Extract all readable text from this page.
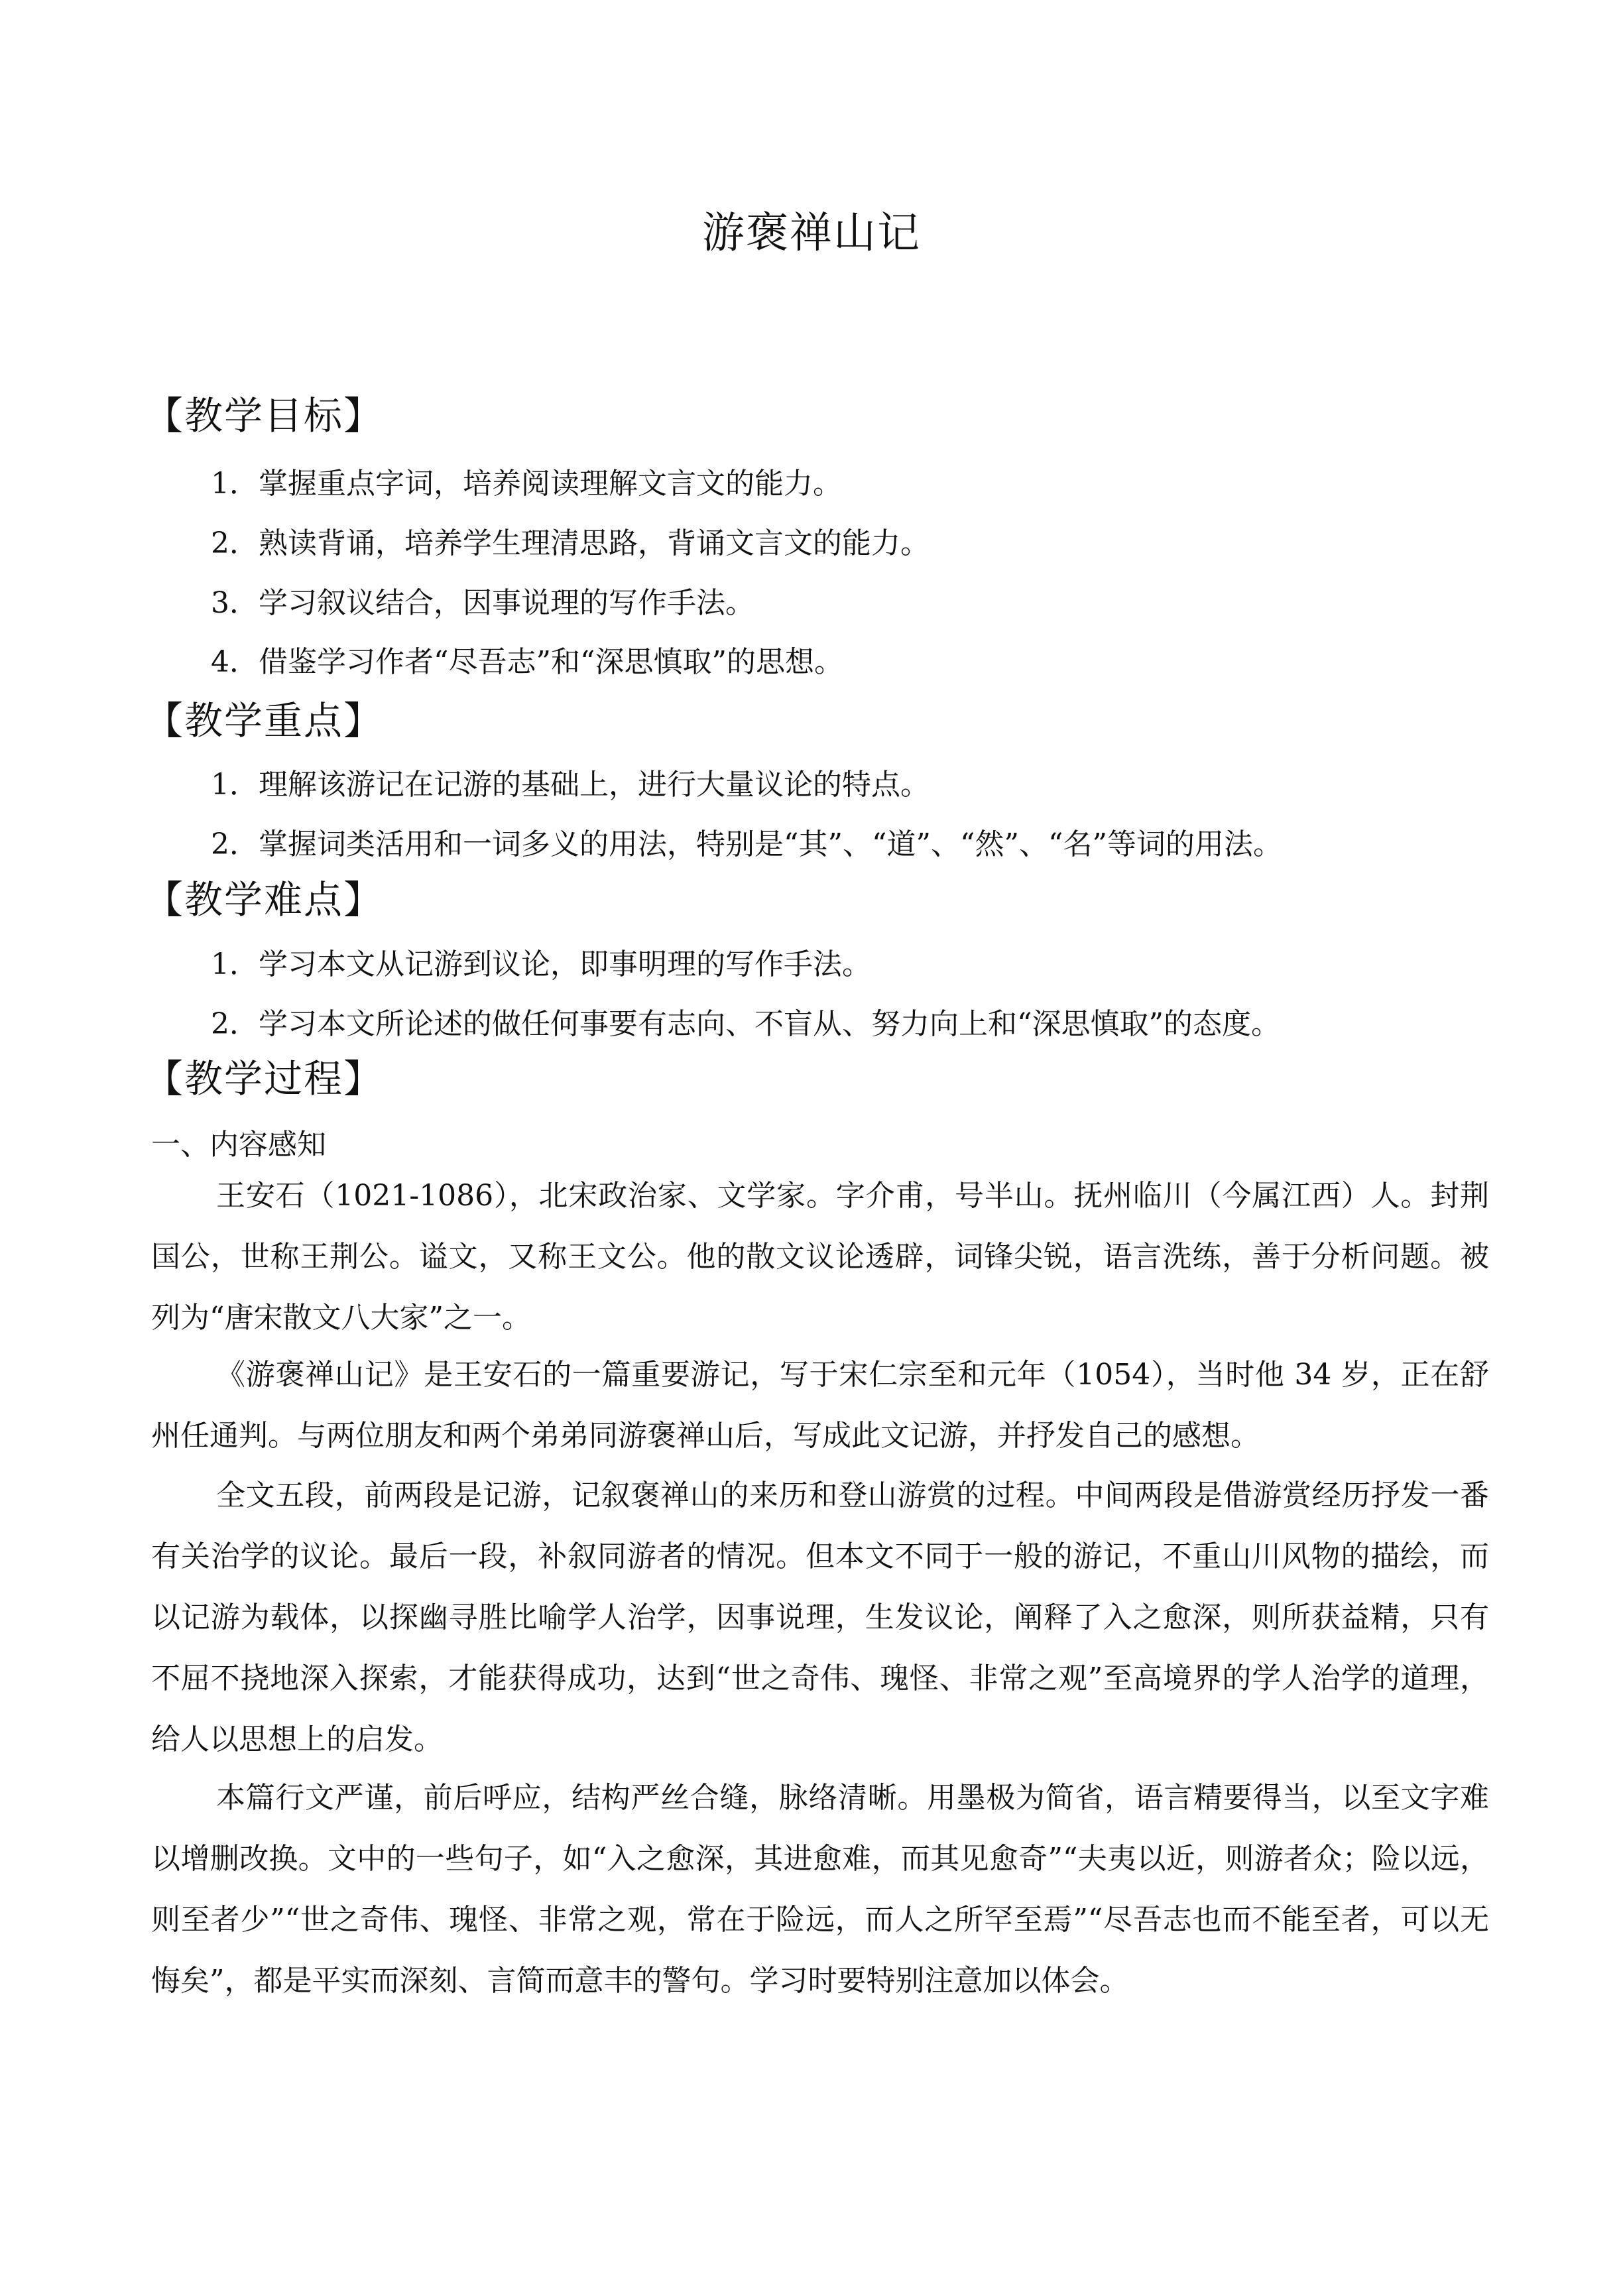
游褒禅山记
【教学目标】
1．掌握重点字词，培养阅读理解文言文的能力。
2．熟读背诵，培养学生理清思路，背诵文言文的能力。
3．学习叙议结合，因事说理的写作手法。
4．借鉴学习作者“尽吾志”和“深思慎取”的思想。
【教学重点】
1．理解该游记在记游的基础上，进行大量议论的特点。
2．掌握词类活用和一词多义的用法，特别是“其”、“道”、“然”、“名”等词的用法。
【教学难点】
1．学习本文从记游到议论，即事明理的写作手法。
2．学习本文所论述的做任何事要有志向、不盲从、努力向上和“深思慎取”的态度。
【教学过程】
一、内容感知

王安石（1021-1086），北宋政治家、文学家。字介甫，号半山。抚州临川（今属江西）人。封荆国公，世称王荆公。谥文，又称王文公。他的散文议论透辟，词锋尖锐，语言洗练，善于分析问题。被列为“唐宋散文八大家”之一。

《游褒禅山记》是王安石的一篇重要游记，写于宋仁宗至和元年（1054），当时他 34 岁，正在舒州任通判。与两位朋友和两个弟弟同游褒禅山后，写成此文记游，并抒发自己的感想。

全文五段，前两段是记游，记叙褒禅山的来历和登山游赏的过程。中间两段是借游赏经历抒发一番有关治学的议论。最后一段，补叙同游者的情况。但本文不同于一般的游记，不重山川风物的描绘，而以记游为载体，以探幽寻胜比喻学人治学，因事说理，生发议论，阐释了入之愈深，则所获益精，只有不屈不挠地深入探索，才能获得成功，达到“世之奇伟、瑰怪、非常之观”至高境界的学人治学的道理，给人以思想上的启发。

本篇行文严谨，前后呼应，结构严丝合缝，脉络清晰。用墨极为简省，语言精要得当，以至文字难以增删改换。文中的一些句子，如“入之愈深，其进愈难，而其见愈奇”“夫夷以近，则游者众；险以远，则至者少”“世之奇伟、瑰怪、非常之观，常在于险远，而人之所罕至焉”“尽吾志也而不能至者，可以无悔矣”，都是平实而深刻、言简而意丰的警句。学习时要特别注意加以体会。
